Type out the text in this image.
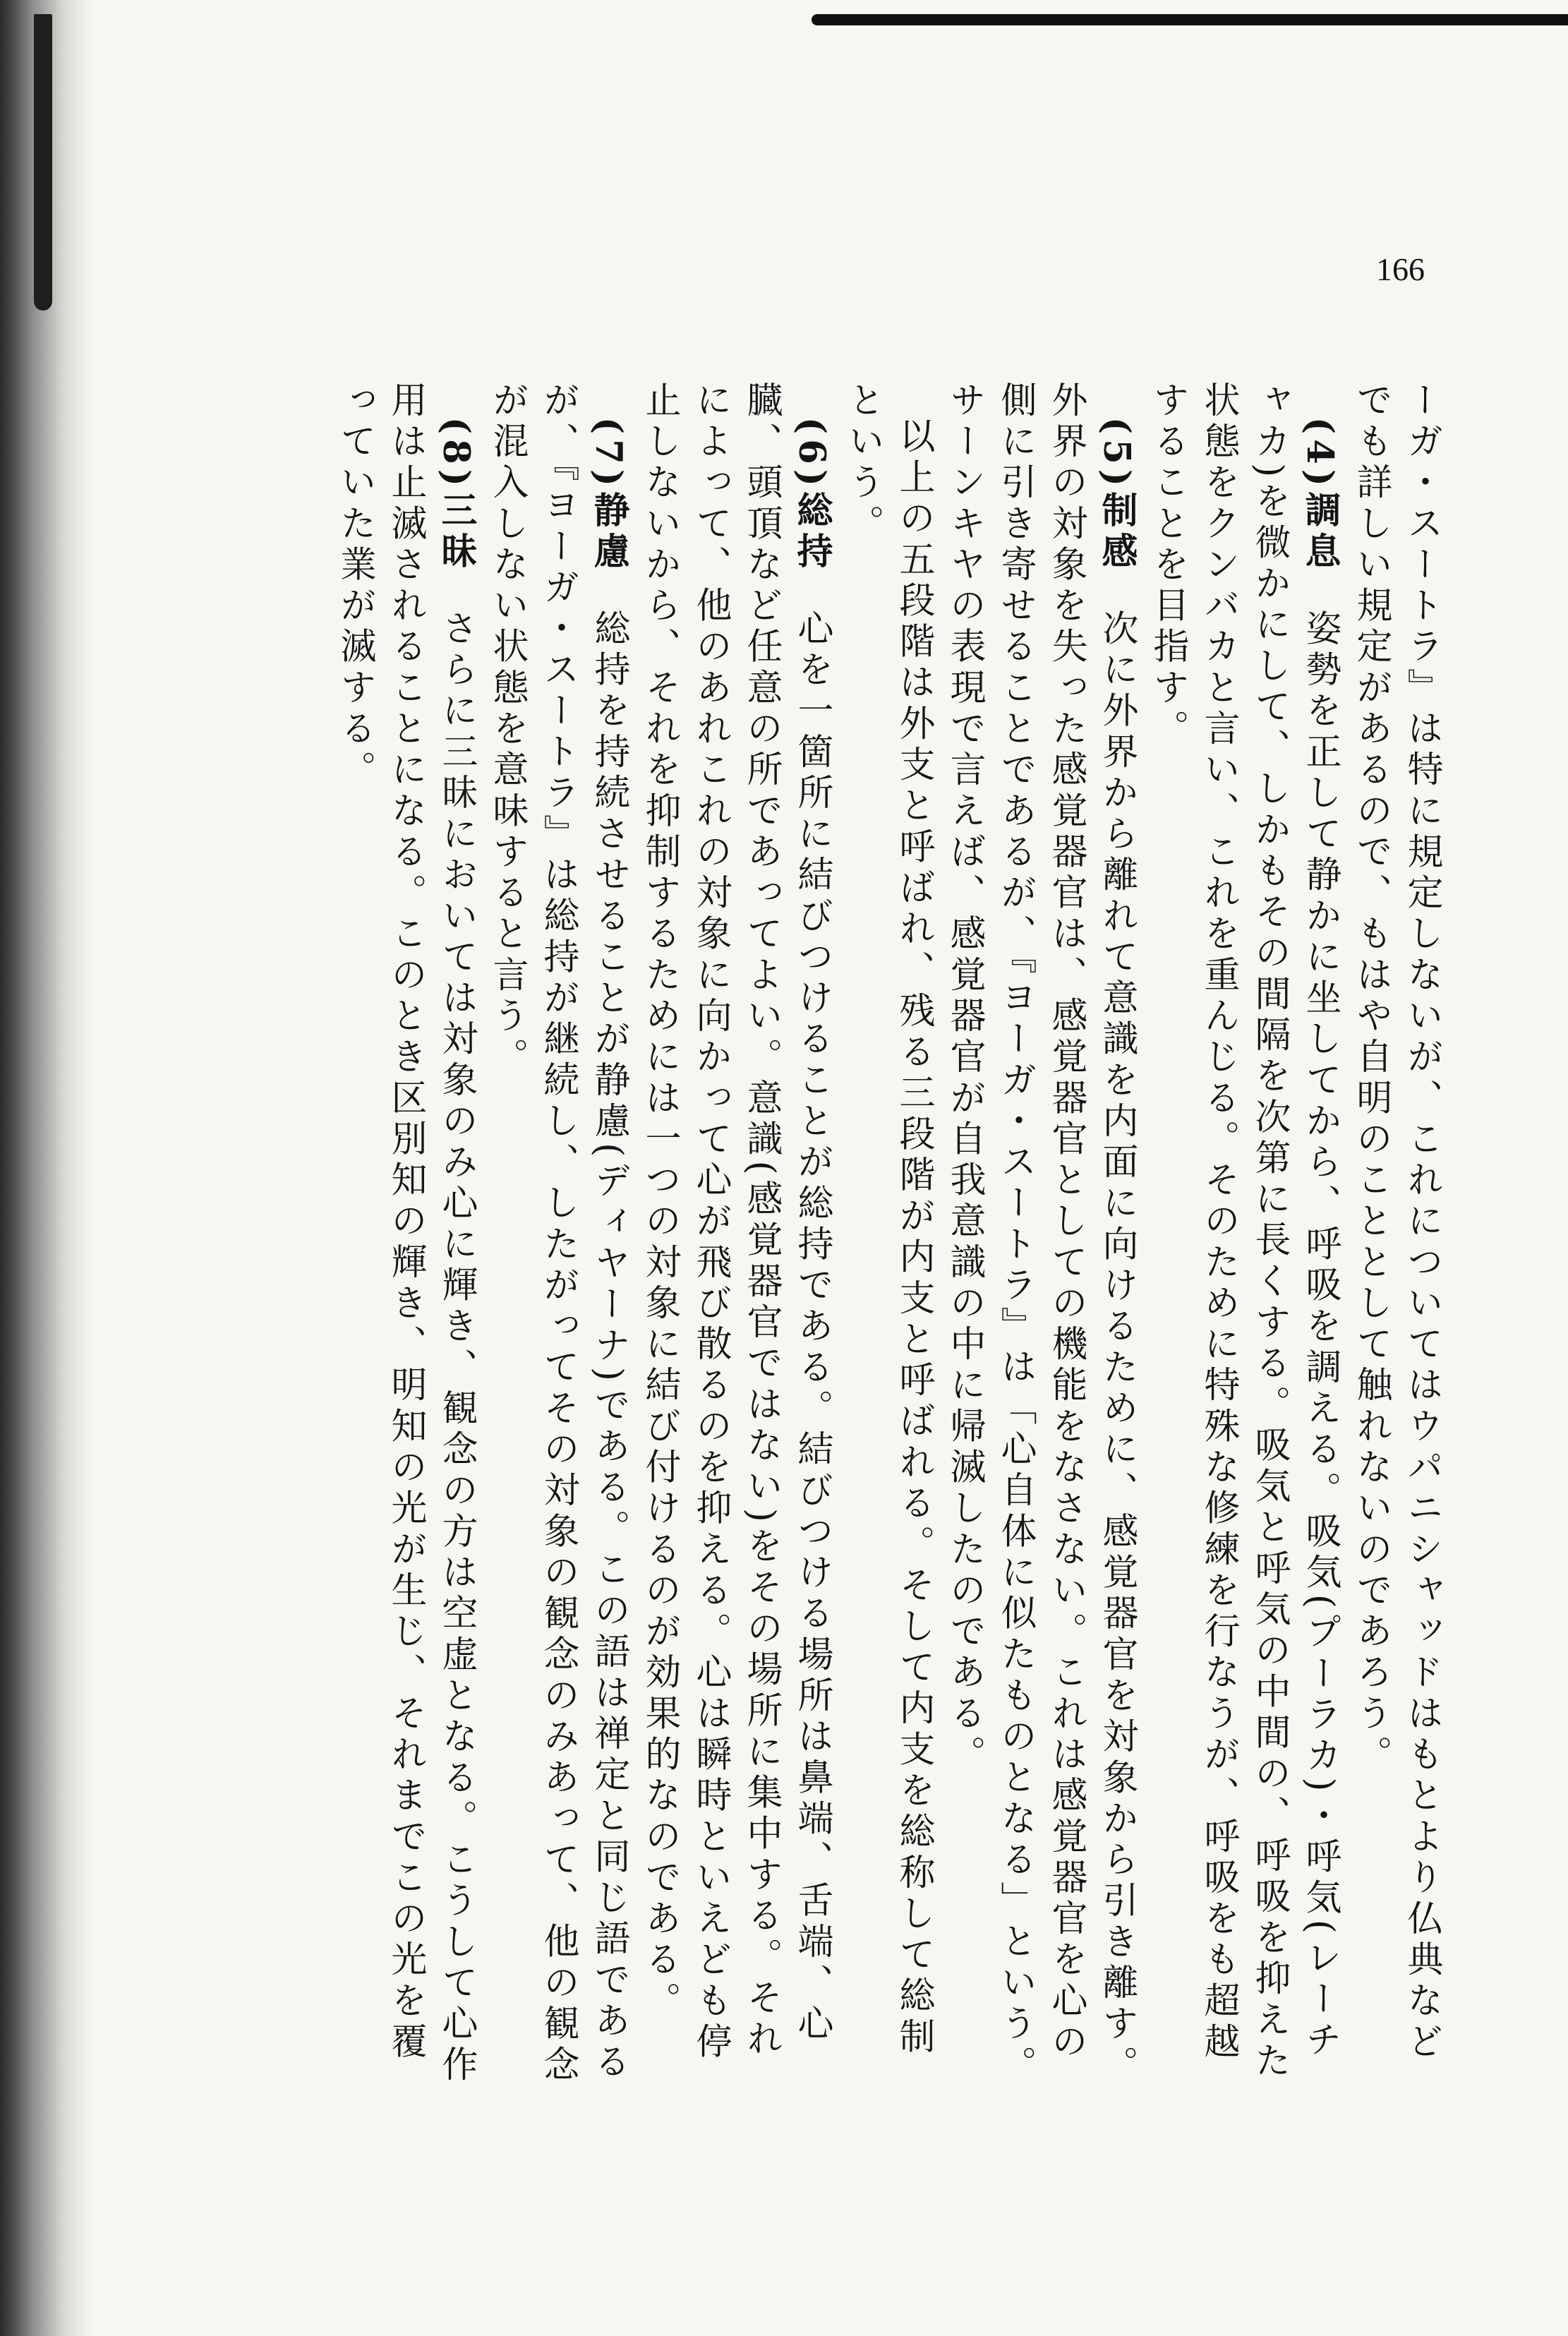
166

ーガ・スートラ』は特に規定しないが、これについてはウパニシャッドはもとより仏典などでも詳しい規定があるので、もはや自明のこととして触れないのであろう。

(4)調息姿勢を正して静かに坐してから、呼吸を調える。吸気(プーラカ)・呼気(レーチャカ)を微かにして、しかもその間隔を次第に長くする。吸気と呼気の中間の、呼吸を抑えた状態をクンバカと言い、これを重んじる。そのために特殊な修練を行なうが、呼吸をも超越することを目指す。

(5)制感次に外界から離れて意識を内面に向けるために、感覚器官を対象から引き離す。外界の対象を失った感覚器官は、感覚器官としての機能をなさない。これは感覚器官を心の側に引き寄せることであるが、『ヨーガ・スートラ』は「心自体に似たものとなる」という。サーンキヤの表現で言えば、感覚器官が自我意識の中に帰滅したのである。

以上の五段階は外支と呼ばれ、残る三段階が内支と呼ばれる。そして内支を総称して総制という。

(6)総持心を一箇所に結びつけることが総持である。結びつける場所は鼻端、舌端、心臓、頭頂など任意の所であってよい。意識(感覚器官ではない)をその場所に集中する。それによって、他のあれこれの対象に向かって心が飛び散るのを抑える。心は瞬時といえども停止しないから、それを抑制するためには一つの対象に結び付けるのが効果的なのである。

(7)静慮総持を持続させることが静慮(ディヤーナ)である。この語は禅定と同じ語であるが、『ヨーガ・スートラ』は総持が継続し、したがってその対象の観念のみあって、他の観念が混入しない状態を意味すると言う。

(8)三昧さらに三昧においては対象のみ心に輝き、観念の方は空虚となる。こうして心作用は止滅されることになる。このとき区別知の輝き、明知の光が生じ、それまでこの光を覆っていた業が滅する。
